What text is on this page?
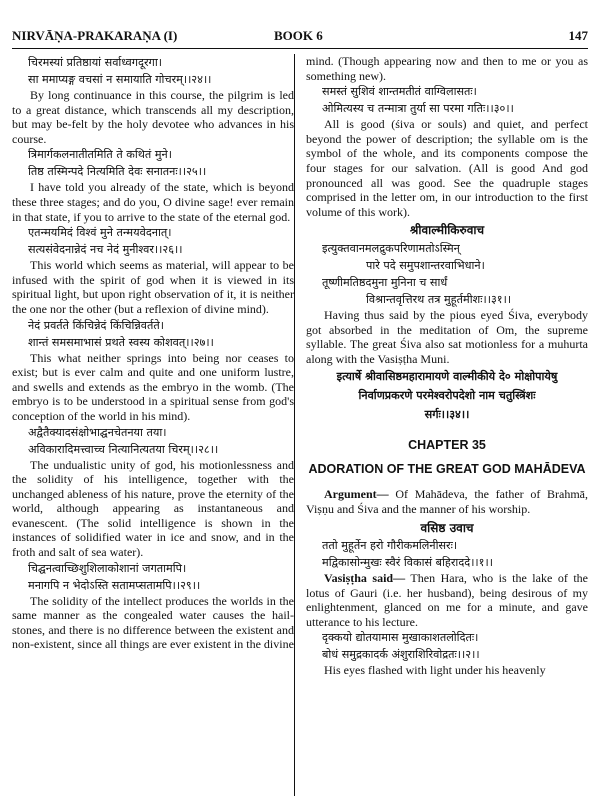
NIRVĀṆA-PRAKARAṆA (I)	BOOK 6	147

चिरमस्यां प्रतिष्ठायां सर्वाध्वगदूरगा।

सा ममाप्यङ्ग वचसां न समायाति गोचरम्।।२४।।

By long continuance in this course, the pilgrim is led to a great distance, which transcends all my description, but may be-felt by the holy devotee who advances in his course.

त्रिमार्गकलनातीतमिति ते कथितं मुने।

तिष्ठ तस्मिन्पदे नित्यमिति देवः सनातनः।।२५।।

I have told you already of the state, which is beyond these three stages; and do you, O divine sage! ever remain in that state, if you to arrive to the state of the eternal god.

एतन्मयमिदं विश्वं मुने तन्मयवेदनात्।

सत्यसंवेदनान्नेदं नच नेदं मुनीश्वर।।२६।।

This world which seems as material, will appear to be infused with the spirit of god when it is viewed in its spiritual light, but upon right observation of it, it is neither the one nor the other (but a reflexion of divine mind).

नेदं प्रवर्तते किंचिन्नेदं किंचिन्निवर्तते।

शान्तं समसमाभासं प्रथते स्वस्य कोशवत्।।२७।।

This what neither springs into being nor ceases to exist; but is ever calm and quite and one uniform lustre, and swells and extends as the embryo in the womb. (The embryo is to be understood in a spiritual sense from god's conception of the world in his mind).

अद्वैतैक्यादसंक्षोभाद्घनचेतनया तया।

अविकारादिमत्त्वाच्च नित्यानित्यतया चिरम्।।२८।।

The undualistic unity of god, his motionlessness and the solidity of his intelligence, together with the unchanged ableness of his nature, prove the eternity of the world, although appearing as instantaneous and evanescent. (The solid intelligence is shown in the instances of solidified water in ice and snow, and in the froth and salt of sea water).

चिद्घनत्वाच्छिशुशिलाकोशानां जगतामपि।

मनागपि न भेदोऽस्ति सतामप्सतामपि।।२९।।

The solidity of the intellect produces the worlds in the same manner as the congealed water causes the hail-stones, and there is no difference between the existent and non-existent, since all things are ever existent in the divine

mind. (Though appearing now and then to me or you as something new).

समस्तं सुशिवं शान्तमतीतं वाग्विलासतः।

ओमित्यस्य च तन्मात्रा तुर्या सा परमा गतिः।।३०।।

All is good (śiva or souls) and quiet, and perfect beyond the power of description; the syllable om is the symbol of the whole, and its components compose the four stages for our salvation. (All is good And god pronounced all was good. See the quadruple stages comprised in the letter om, in our introduction to the first volume of this work).

श्रीवाल्मीकिरुवाच

इत्युक्तवानमलद्रुकपरिणामतोऽस्मिन्

पारे पदे समुपशान्तरवाभिधाने।

तूष्णीमतिष्ठदमुना मुनिना च सार्धं

विश्रान्तवृत्तिरथ तत्र मुहूर्तमीशः।।३१।।

Having thus said by the pious eyed Śiva, everybody got absorbed in the meditation of Om, the supreme syllable. The great Śiva also sat motionless for a muhurta along with the Vasiṣṭha Muni.

इत्यार्षे श्रीवासिष्ठमहारामायणे वाल्मीकीये दे० मोक्षोपायेषु

निर्वाणप्रकरणे परमेश्वरोपदेशो नाम चतुस्त्रिंशः

सर्गः।।३४।।

CHAPTER 35

ADORATION OF THE GREAT GOD MAHĀDEVA

Argument— Of Mahādeva, the father of Brahmā, Viṣṇu and Śiva and the manner of his worship.

वसिष्ठ उवाच

ततो मुहूर्तेन हरो गौरीकमलिनीसरः।

मद्विकासोन्मुखः स्वैरं विकासं बहिराददे।।१।।

Vasiṣṭha said— Then Hara, who is the lake of the lotus of Gauri (i.e. her husband), being desirous of my enlightenment, glanced on me for a minute, and gave utterance to his lecture.

दृक्कयो द्योतयामास मुखाकाशतलोदितः।

बोधं समुद्रकादर्क अंशुराशिरिवोद्रतः।।२।।

His eyes flashed with light under his heavenly
